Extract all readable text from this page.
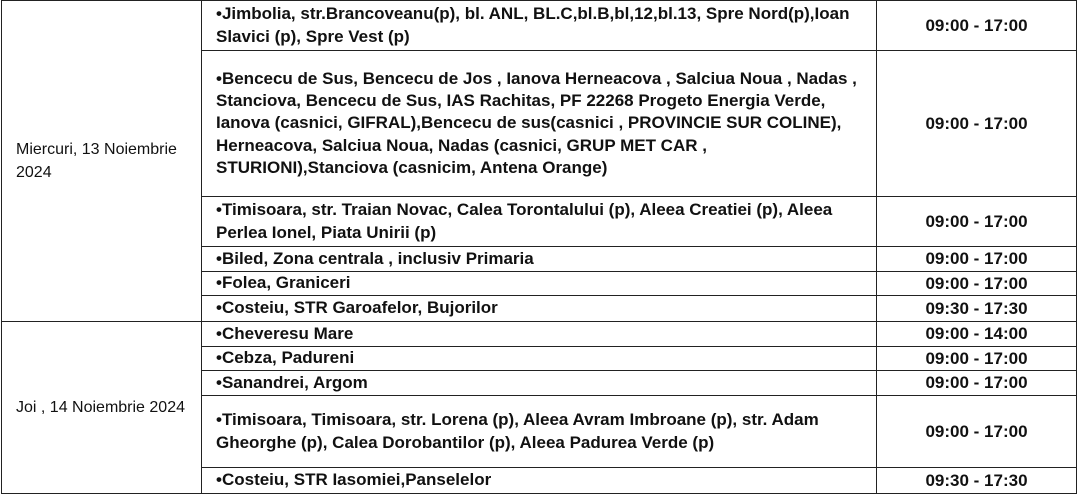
Miercuri, 13 Noiembrie 2024	•Jimbolia, str.Brancoveanu(p), bl. ANL, BL.C,bl.B,bl,12,bl.13, Spre Nord(p),Ioan Slavici (p), Spre Vest (p)	09:00 - 17:00
	•Bencecu de Sus, Bencecu de Jos , Ianova Herneacova , Salciua Noua , Nadas , Stanciova, Bencecu de Sus, IAS Rachitas, PF 22268 Progeto Energia Verde, Ianova (casnici, GIFRAL),Bencecu de sus(casnici , PROVINCIE SUR COLINE), Herneacova, Salciua Noua, Nadas (casnici, GRUP MET CAR , STURIONI),Stanciova (casnicim, Antena Orange)	09:00 - 17:00
	•Timisoara, str. Traian Novac, Calea Torontalului (p), Aleea Creatiei (p), Aleea Perlea Ionel, Piata Unirii (p)	09:00 - 17:00
	•Biled, Zona centrala , inclusiv Primaria	09:00 - 17:00
	•Folea, Graniceri	09:00 - 17:00
	•Costeiu, STR Garoafelor, Bujorilor	09:30 - 17:30
Joi , 14 Noiembrie 2024	•Cheveresu Mare	09:00 - 14:00
	•Cebza, Padureni	09:00 - 17:00
	•Sanandrei, Argom	09:00 - 17:00
	•Timisoara, Timisoara, str. Lorena (p), Aleea Avram Imbroane (p), str. Adam Gheorghe (p), Calea Dorobantilor (p), Aleea Padurea Verde (p)	09:00 - 17:00
	•Costeiu, STR Iasomiei,Panselelor	09:30 - 17:30
